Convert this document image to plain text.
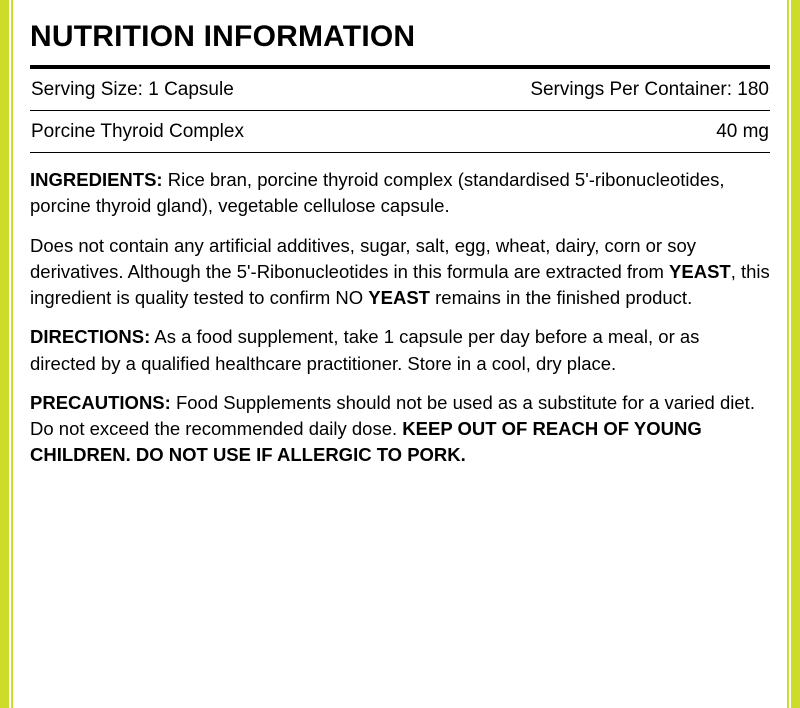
NUTRITION INFORMATION
Serving Size: 1 Capsule	Servings Per Container: 180
Porcine Thyroid Complex	40 mg

INGREDIENTS: Rice bran, porcine thyroid complex (standardised 5'-ribonucleotides, porcine thyroid gland), vegetable cellulose capsule.

Does not contain any artificial additives, sugar, salt, egg, wheat, dairy, corn or soy derivatives. Although the 5'-Ribonucleotides in this formula are extracted from YEAST, this ingredient is quality tested to confirm NO YEAST remains in the finished product.

DIRECTIONS: As a food supplement, take 1 capsule per day before a meal, or as directed by a qualified healthcare practitioner. Store in a cool, dry place.

PRECAUTIONS: Food Supplements should not be used as a substitute for a varied diet. Do not exceed the recommended daily dose. KEEP OUT OF REACH OF YOUNG CHILDREN. DO NOT USE IF ALLERGIC TO PORK.
